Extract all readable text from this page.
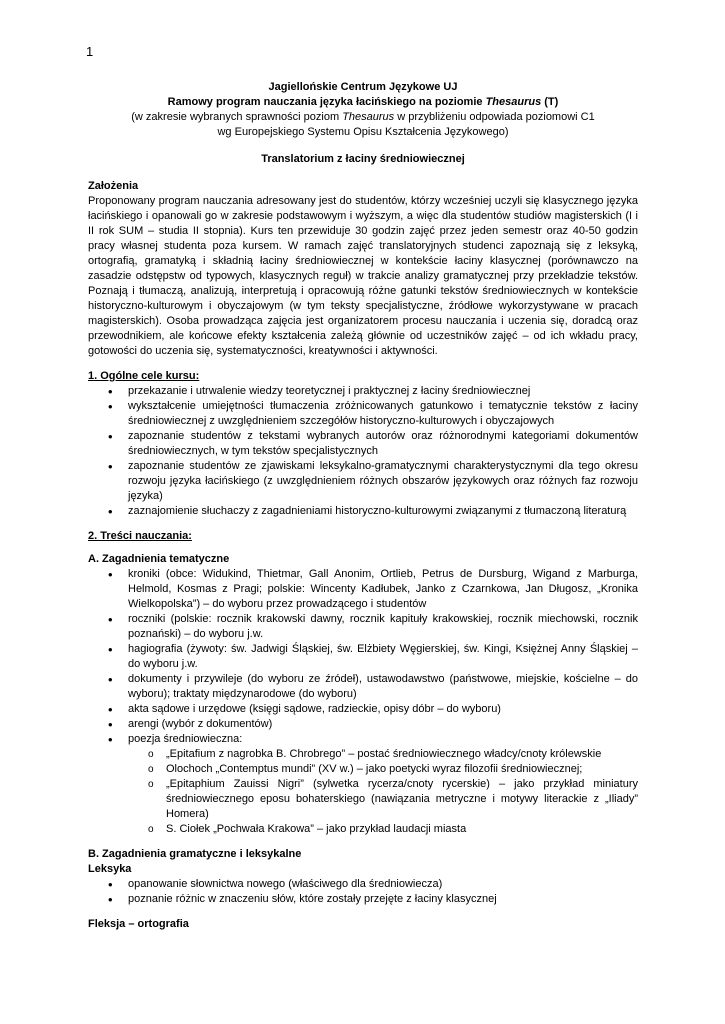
1
Jagiellońskie Centrum Językowe UJ
Ramowy program nauczania języka łacińskiego na poziomie Thesaurus (T)
(w zakresie wybranych sprawności poziom Thesaurus w przybliżeniu odpowiada poziomowi C1
wg Europejskiego Systemu Opisu Kształcenia Językowego)
Translatorium z łaciny średniowiecznej
Założenia

Proponowany program nauczania adresowany jest do studentów, którzy wcześniej uczyli się klasycznego języka łacińskiego i opanowali go w zakresie podstawowym i wyższym, a więc dla studentów studiów magisterskich (I i II rok SUM – studia II stopnia). Kurs ten przewiduje 30 godzin zajęć przez jeden semestr oraz 40-50 godzin pracy własnej studenta poza kursem. W ramach zajęć translatoryjnych studenci zapoznają się z leksyką, ortografią, gramatyką i składnią łaciny średniowiecznej w kontekście łaciny klasycznej (porównawczo na zasadzie odstępstw od typowych, klasycznych reguł) w trakcie analizy gramatycznej przy przekładzie tekstów. Poznają i tłumaczą, analizują, interpretują i opracowują różne gatunki tekstów średniowiecznych w kontekście historyczno-kulturowym i obyczajowym (w tym teksty specjalistyczne, źródłowe wykorzystywane w pracach magisterskich). Osoba prowadząca zajęcia jest organizatorem procesu nauczania i uczenia się, doradcą oraz przewodnikiem, ale końcowe efekty kształcenia zależą głównie od uczestników zajęć – od ich wkładu pracy, gotowości do uczenia się, systematyczności, kreatywności i aktywności.

1. Ogólne cele kursu:
• przekazanie i utrwalenie wiedzy teoretycznej i praktycznej z łaciny średniowiecznej
• wykształcenie umiejętności tłumaczenia zróżnicowanych gatunkowo i tematycznie tekstów z łaciny średniowiecznej z uwzględnieniem szczegółów historyczno-kulturowych i obyczajowych
• zapoznanie studentów z tekstami wybranych autorów oraz różnorodnymi kategoriami dokumentów średniowiecznych, w tym tekstów specjalistycznych
• zapoznanie studentów ze zjawiskami leksykalno-gramatycznymi charakterystycznymi dla tego okresu rozwoju języka łacińskiego (z uwzględnieniem różnych obszarów językowych oraz różnych faz rozwoju języka)
• zaznajomienie słuchaczy z zagadnieniami historyczno-kulturowymi związanymi z tłumaczoną literaturą
2. Treści nauczania:
A. Zagadnienia tematyczne
• kroniki (obce: Widukind, Thietmar, Gall Anonim, Ortlieb, Petrus de Dursburg, Wigand z Marburga, Helmold, Kosmas z Pragi; polskie: Wincenty Kadłubek, Janko z Czarnkowa, Jan Długosz, „Kronika Wielkopolska”) – do wyboru przez prowadzącego i studentów
• roczniki (polskie: rocznik krakowski dawny, rocznik kapituły krakowskiej, rocznik miechowski, rocznik poznański) – do wyboru j.w.
• hagiografia (żywoty: św. Jadwigi Śląskiej, św. Elżbiety Węgierskiej, św. Kingi, Księżnej Anny Śląskiej – do wyboru j.w.
• dokumenty i przywileje (do wyboru ze źródeł), ustawodawstwo (państwowe, miejskie, kościelne – do wyboru); traktaty międzynarodowe (do wyboru)
• akta sądowe i urzędowe (księgi sądowe, radzieckie, opisy dóbr – do wyboru)
• arengi (wybór z dokumentów)
• poezja średniowieczna:
o „Epitafium z nagrobka B. Chrobrego” – postać średniowiecznego władcy/cnoty królewskie
o Olochoch „Contemptus mundi” (XV w.) – jako poetycki wyraz filozofii średniowiecznej;
o „Epitaphium Zauissi Nigri” (sylwetka rycerza/cnoty rycerskie) – jako przykład miniatury średniowiecznego eposu bohaterskiego (nawiązania metryczne i motywy literackie z „Iliady” Homera)
o S. Ciołek „Pochwała Krakowa” – jako przykład laudacji miasta
B. Zagadnienia gramatyczne i leksykalne
Leksyka
• opanowanie słownictwa nowego (właściwego dla średniowiecza)
• poznanie różnic w znaczeniu słów, które zostały przejęte z łaciny klasycznej
Fleksja – ortografia
